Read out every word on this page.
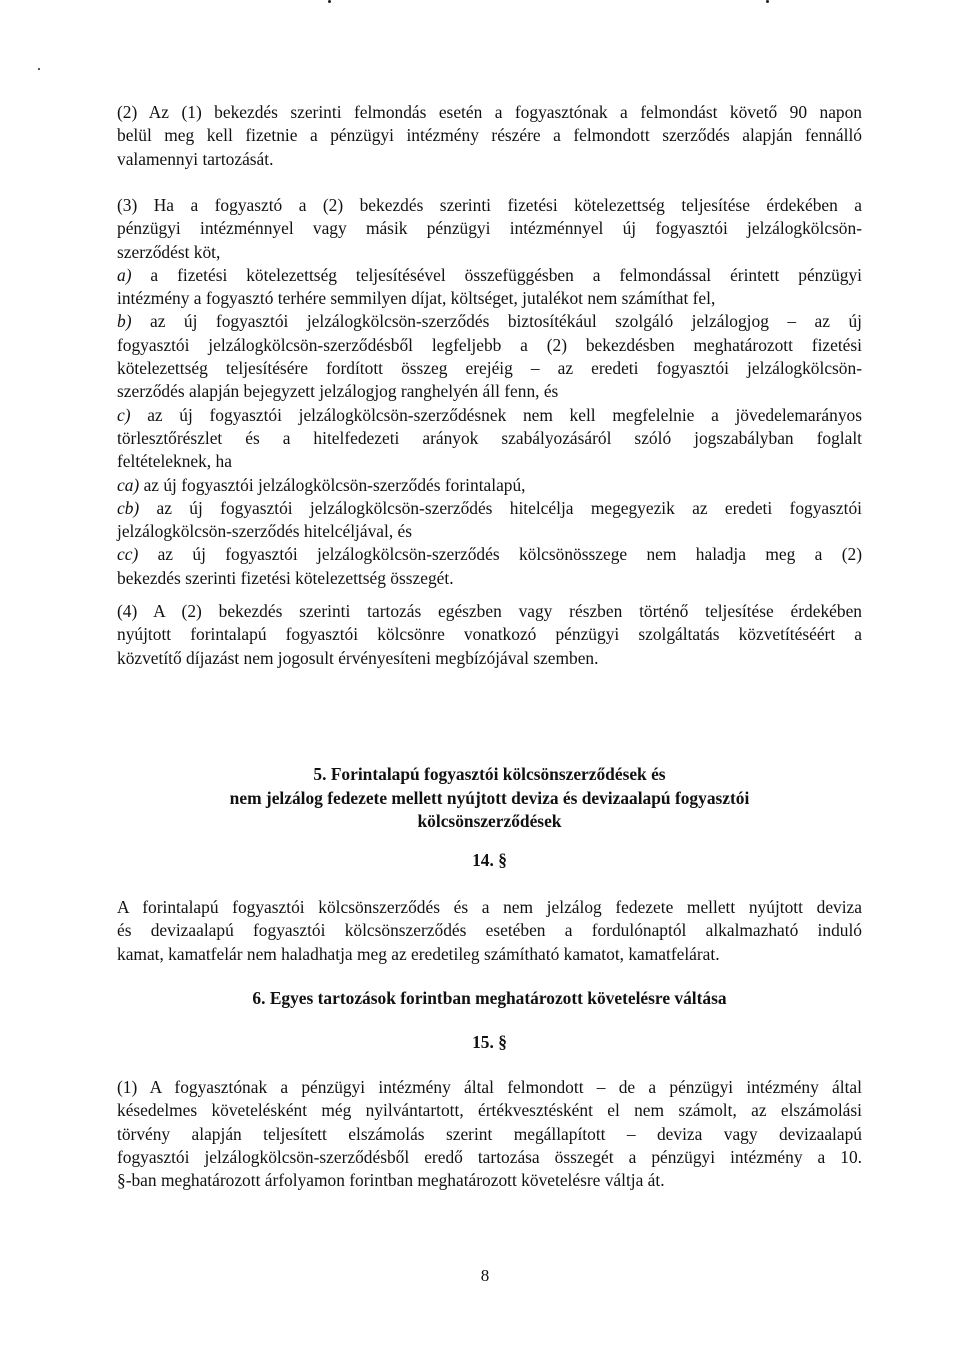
(2) Az (1) bekezdés szerinti felmondás esetén a fogyasztónak a felmondást követő 90 napon
belül meg kell fizetnie a pénzügyi intézmény részére a felmondott szerződés alapján fennálló
valamennyi tartozását.
(3) Ha a fogyasztó a (2) bekezdés szerinti fizetési kötelezettség teljesítése érdekében a
pénzügyi intézménnyel vagy másik pénzügyi intézménnyel új fogyasztói jelzálogkölcsön-
szerződést köt,
a) a fizetési kötelezettség teljesítésével összefüggésben a felmondással érintett pénzügyi
intézmény a fogyasztó terhére semmilyen díjat, költséget, jutalékot nem számíthat fel,
b) az új fogyasztói jelzálogkölcsön-szerződés biztosítékául szolgáló jelzálogjog – az új
fogyasztói jelzálogkölcsön-szerződésből legfeljebb a (2) bekezdésben meghatározott fizetési
kötelezettség teljesítésére fordított összeg erejéig – az eredeti fogyasztói jelzálogkölcsön-
szerződés alapján bejegyzett jelzálogjog ranghelyén áll fenn, és
c) az új fogyasztói jelzálogkölcsön-szerződésnek nem kell megfelelnie a jövedelemarányos
törlesztőrészlet és a hitelfedezeti arányok szabályozásáról szóló jogszabályban foglalt
feltételeknek, ha
ca) az új fogyasztói jelzálogkölcsön-szerződés forintalapú,
cb) az új fogyasztói jelzálogkölcsön-szerződés hitelcélja megegyezik az eredeti fogyasztói
jelzálogkölcsön-szerződés hitelcéljával, és
cc) az új fogyasztói jelzálogkölcsön-szerződés kölcsönösszege nem haladja meg a (2)
bekezdés szerinti fizetési kötelezettség összegét.
(4) A (2) bekezdés szerinti tartozás egészben vagy részben történő teljesítése érdekében
nyújtott forintalapú fogyasztói kölcsönre vonatkozó pénzügyi szolgáltatás közvetítéséért a
közvetítő díjazást nem jogosult érvényesíteni megbízójával szemben.
5. Forintalapú fogyasztói kölcsönszerződések és
nem jelzálog fedezete mellett nyújtott deviza és devizaalapú fogyasztói
kölcsönszerződések
14. §
A forintalapú fogyasztói kölcsönszerződés és a nem jelzálog fedezete mellett nyújtott deviza
és devizaalapú fogyasztói kölcsönszerződés esetében a fordulónaptól alkalmazható induló
kamat, kamatfelár nem haladhatja meg az eredetileg számítható kamatot, kamatfelárat.
6. Egyes tartozások forintban meghatározott követelésre váltása
15. §
(1) A fogyasztónak a pénzügyi intézmény által felmondott – de a pénzügyi intézmény által
késedelmes követelésként még nyilvántartott, értékvesztésként el nem számolt, az elszámolási
törvény alapján teljesített elszámolás szerint megállapított – deviza vagy devizaalapú
fogyasztói jelzálogkölcsön-szerződésből eredő tartozása összegét a pénzügyi intézmény a 10.
§-ban meghatározott árfolyamon forintban meghatározott követelésre váltja át.
8
